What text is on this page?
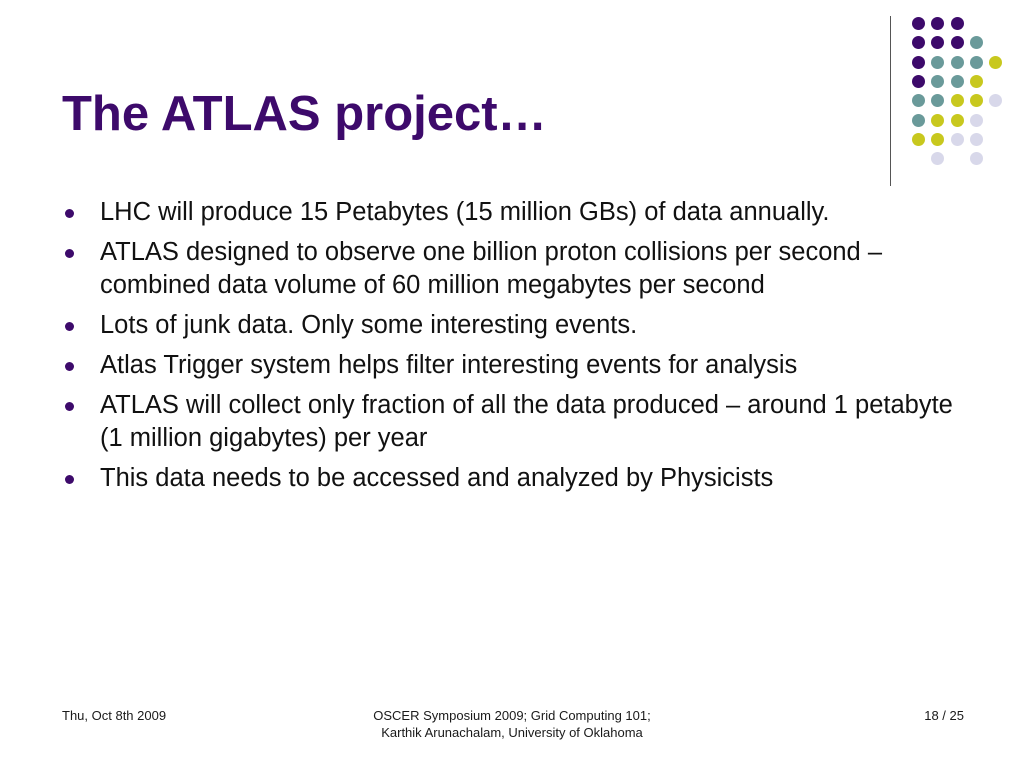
The ATLAS project…
LHC will produce 15 Petabytes (15 million GBs) of data annually.
ATLAS designed to observe one billion proton collisions per second – combined data volume of 60 million megabytes per second
Lots of junk data. Only some interesting events.
Atlas Trigger system helps filter interesting events for analysis
ATLAS will collect only fraction of all the data produced – around 1 petabyte (1 million gigabytes) per year
This data needs to be accessed and analyzed by Physicists
Thu, Oct 8th 2009	OSCER Symposium 2009; Grid Computing 101;
Karthik Arunachalam, University of Oklahoma
18 / 25
